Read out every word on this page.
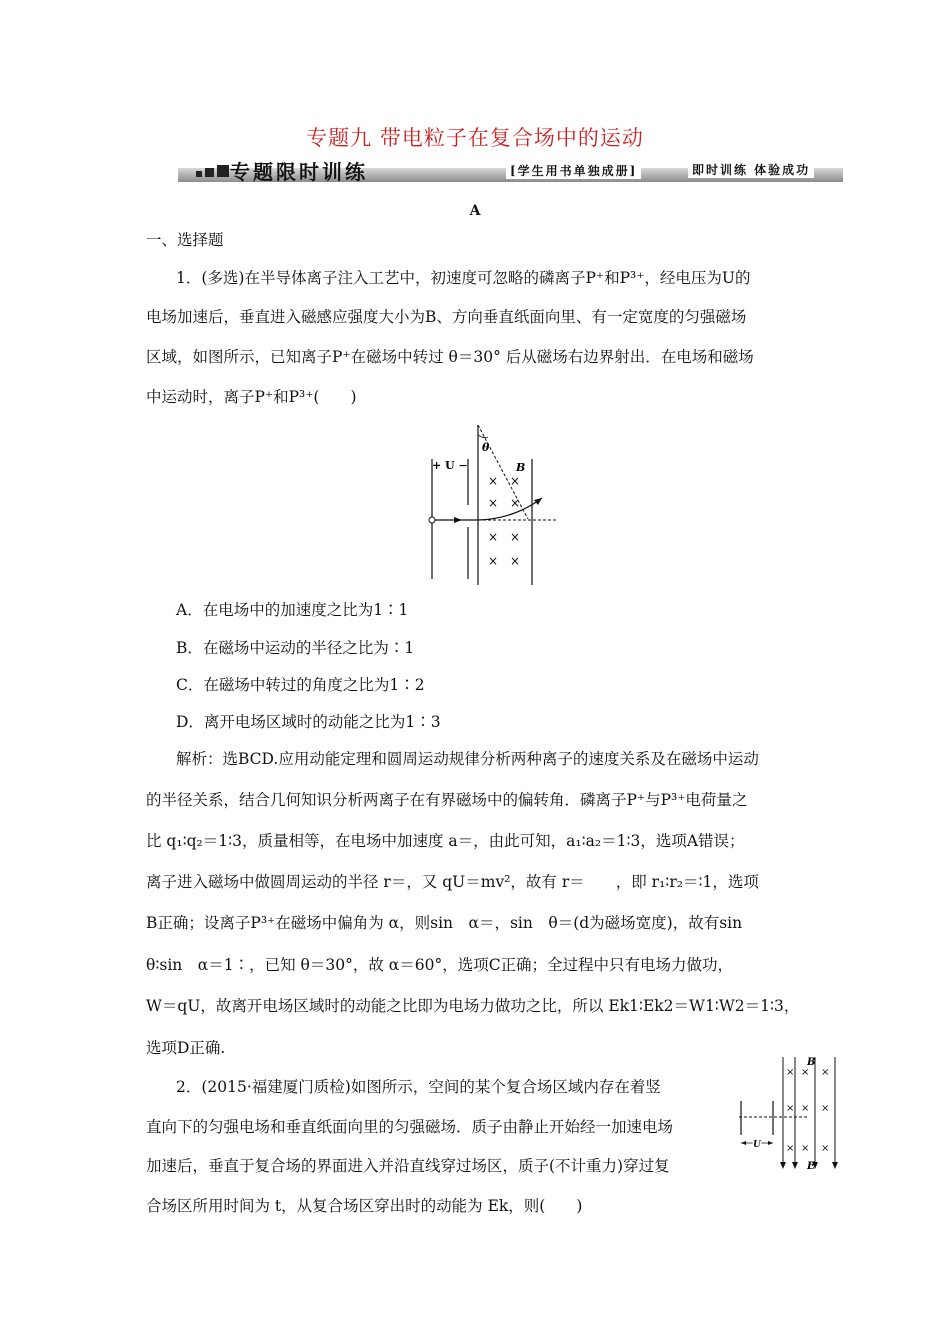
专题九 带电粒子在复合场中的运动
专题限时训练	[学生用书单独成册]	即时训练 体验成功
A
一、选择题
1．(多选)在半导体离子注入工艺中，初速度可忽略的磷离子P⁺和P³⁺，经电压为U的
电场加速后，垂直进入磁感应强度大小为B、方向垂直纸面向里、有一定宽度的匀强磁场
区域，如图所示，已知离子P⁺在磁场中转过 θ＝30° 后从磁场右边界射出．在电场和磁场
中运动时，离子P⁺和P³⁺(　　)
+ U −
θ
B
× ×
× ×
× ×
× ×
A．在电场中的加速度之比为1∶1
B．在磁场中运动的半径之比为∶1
C．在磁场中转过的角度之比为1∶2
D．离开电场区域时的动能之比为1∶3
解析：选BCD.应用动能定理和圆周运动规律分析两种离子的速度关系及在磁场中运动
的半径关系，结合几何知识分析两离子在有界磁场中的偏转角．磷离子P⁺与P³⁺电荷量之
比 q₁∶q₂＝1∶3，质量相等，在电场中加速度 a＝，由此可知，a₁∶a₂＝1∶3，选项A错误；
离子进入磁场中做圆周运动的半径 r＝，又 qU＝mv²，故有 r＝　　，即 r₁∶r₂＝∶1，选项
B正确；设离子P³⁺在磁场中偏角为 α，则sin　α＝，sin　θ＝(d为磁场宽度)，故有sin
θ∶sin　α＝1∶，已知 θ＝30°，故 α＝60°，选项C正确；全过程中只有电场力做功，
W＝qU，故离开电场区域时的动能之比即为电场力做功之比，所以 Ek1∶Ek2＝W1∶W2＝1∶3，
选项D正确.
2．(2015·福建厦门质检)如图所示，空间的某个复合场区域内存在着竖
直向下的匀强电场和垂直纸面向里的匀强磁场．质子由静止开始经一加速电场
加速后，垂直于复合场的界面进入并沿直线穿过场区，质子(不计重力)穿过复
合场区所用时间为 t，从复合场区穿出时的动能为 Ek，则(　　)
U
B
E
× × ×
× × ×
× × ×
